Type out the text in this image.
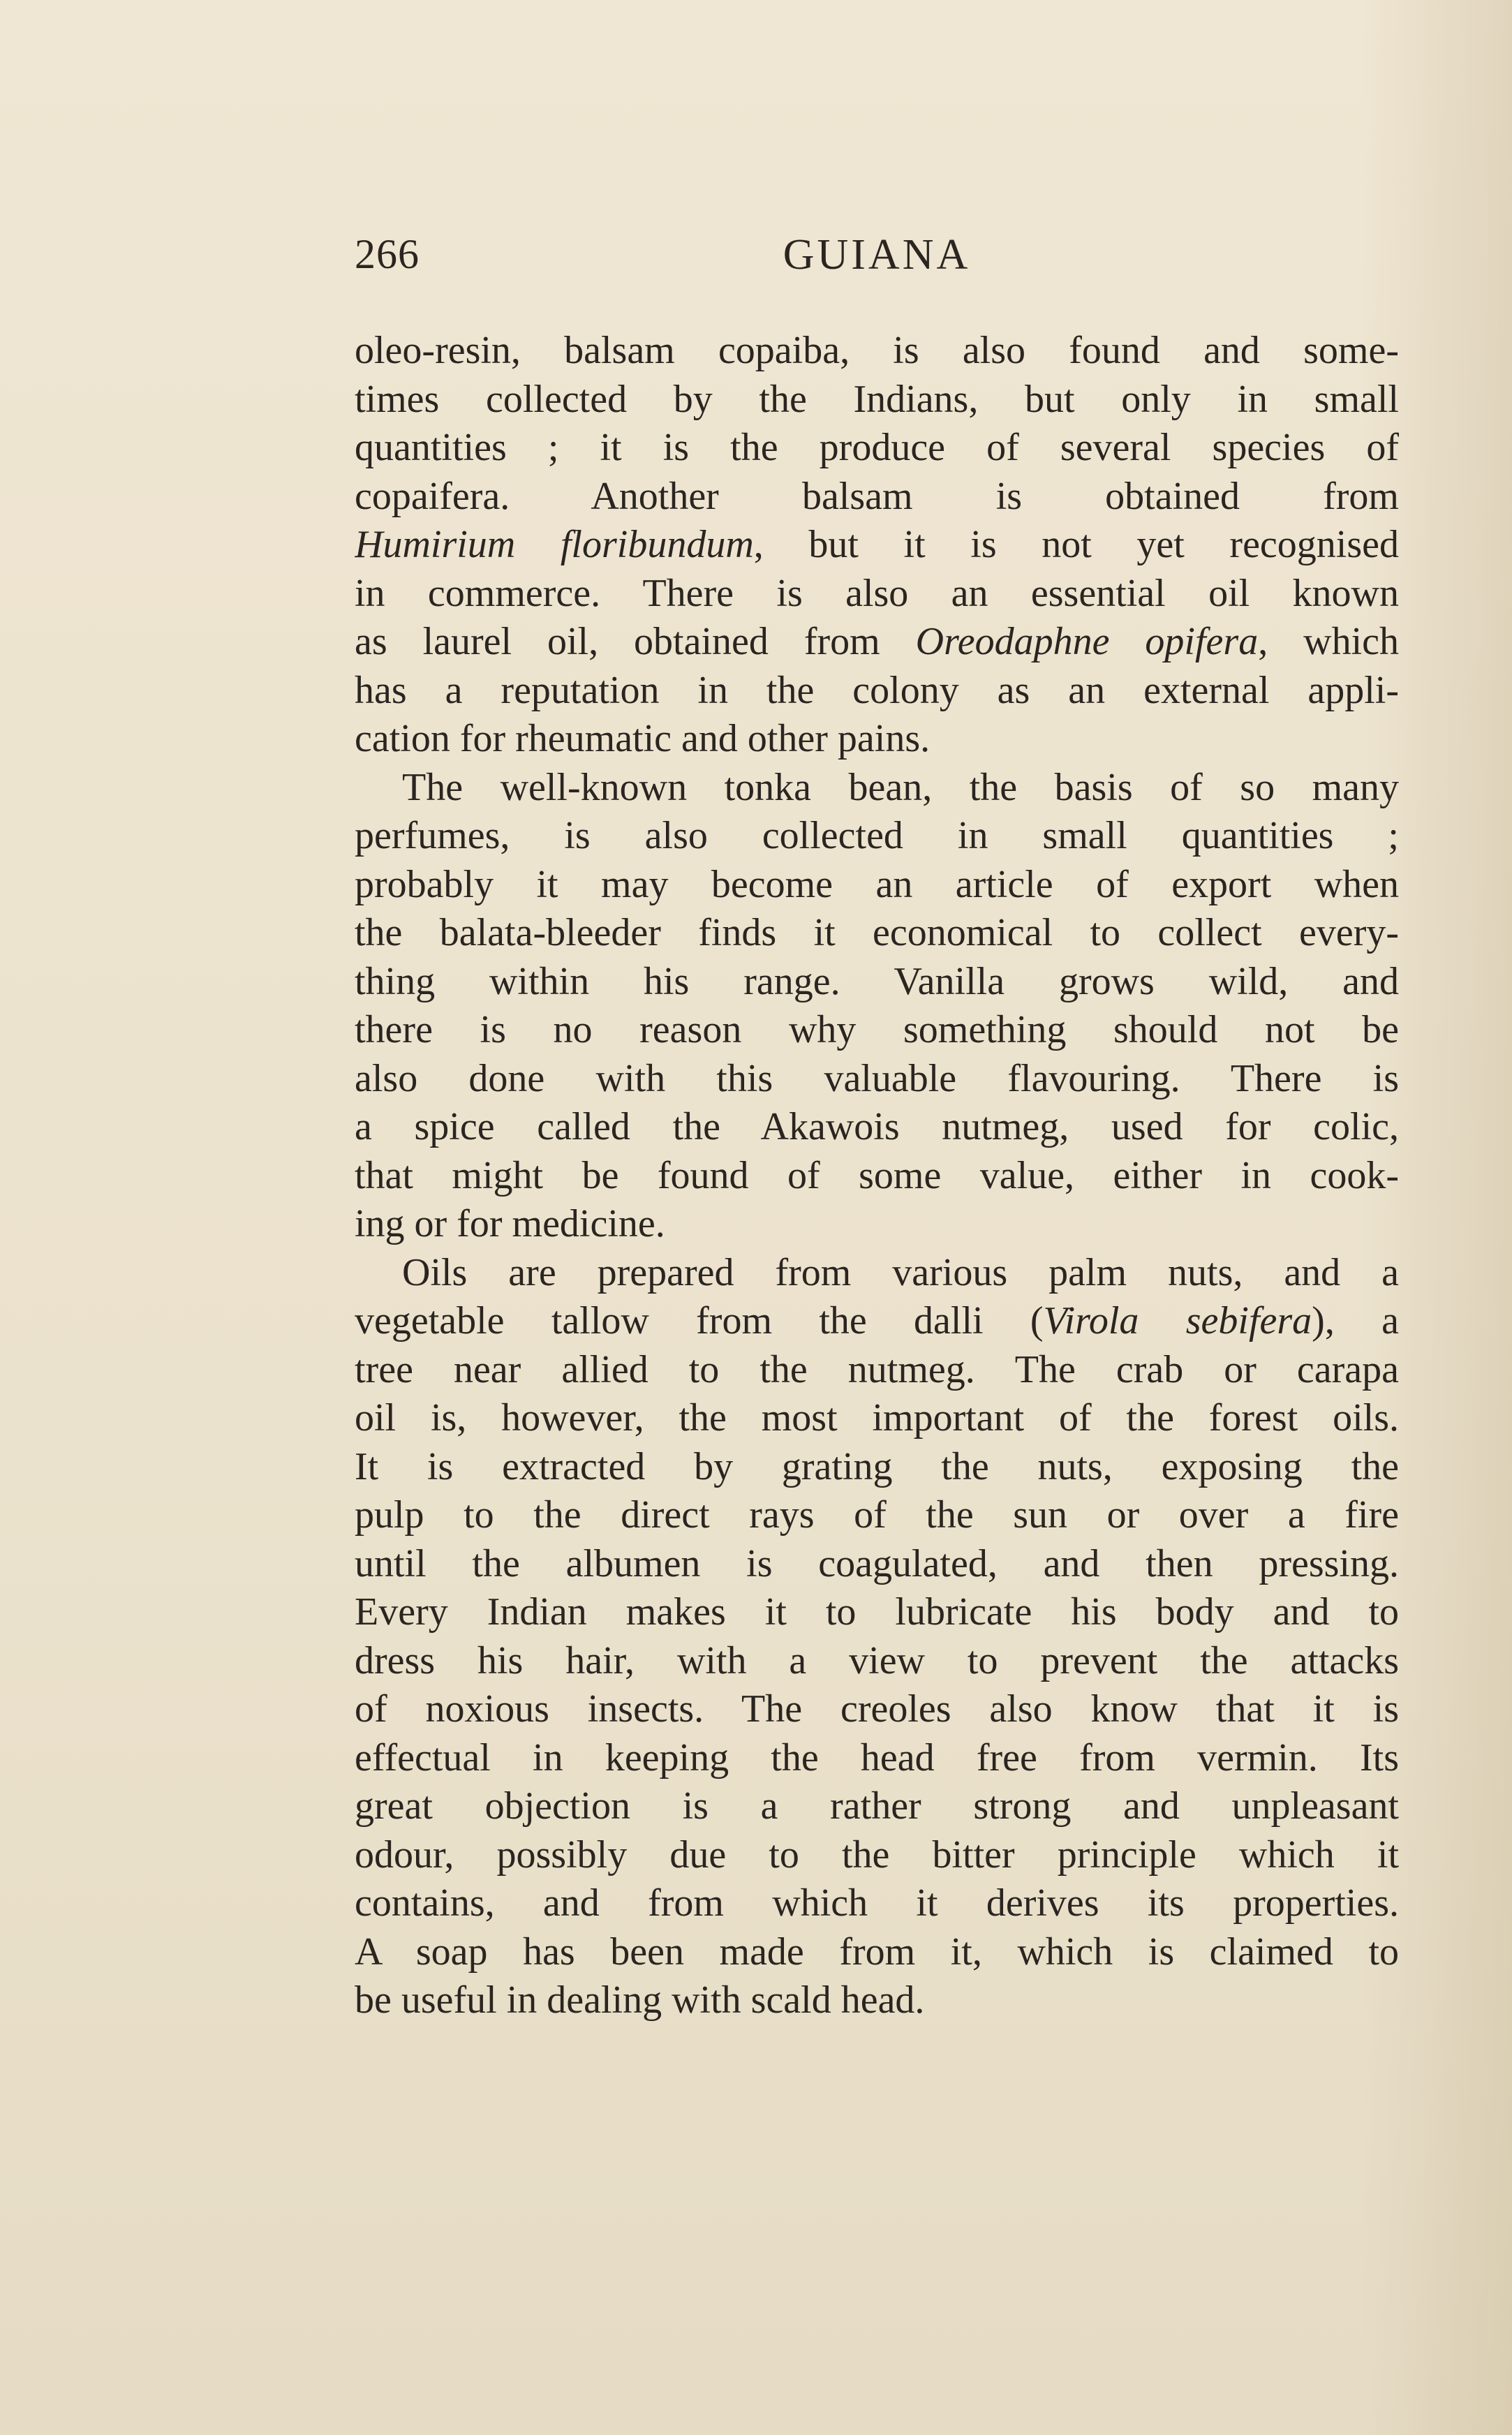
266	GUIANA
oleo-resin, balsam copaiba, is also found and some-
times collected by the Indians, but only in small
quantities ; it is the produce of several species of
copaifera. Another balsam is obtained from
Humirium floribundum, but it is not yet recognised
in commerce. There is also an essential oil known
as laurel oil, obtained from Oreodaphne opifera, which
has a reputation in the colony as an external appli-
cation for rheumatic and other pains.
The well-known tonka bean, the basis of so many
perfumes, is also collected in small quantities ;
probably it may become an article of export when
the balata-bleeder finds it economical to collect every-
thing within his range. Vanilla grows wild, and
there is no reason why something should not be
also done with this valuable flavouring. There is
a spice called the Akawois nutmeg, used for colic,
that might be found of some value, either in cook-
ing or for medicine.
Oils are prepared from various palm nuts, and a
vegetable tallow from the dalli (Virola sebifera), a
tree near allied to the nutmeg. The crab or carapa
oil is, however, the most important of the forest oils.
It is extracted by grating the nuts, exposing the
pulp to the direct rays of the sun or over a fire
until the albumen is coagulated, and then pressing.
Every Indian makes it to lubricate his body and to
dress his hair, with a view to prevent the attacks
of noxious insects. The creoles also know that it is
effectual in keeping the head free from vermin. Its
great objection is a rather strong and unpleasant
odour, possibly due to the bitter principle which it
contains, and from which it derives its properties.
A soap has been made from it, which is claimed to
be useful in dealing with scald head.
